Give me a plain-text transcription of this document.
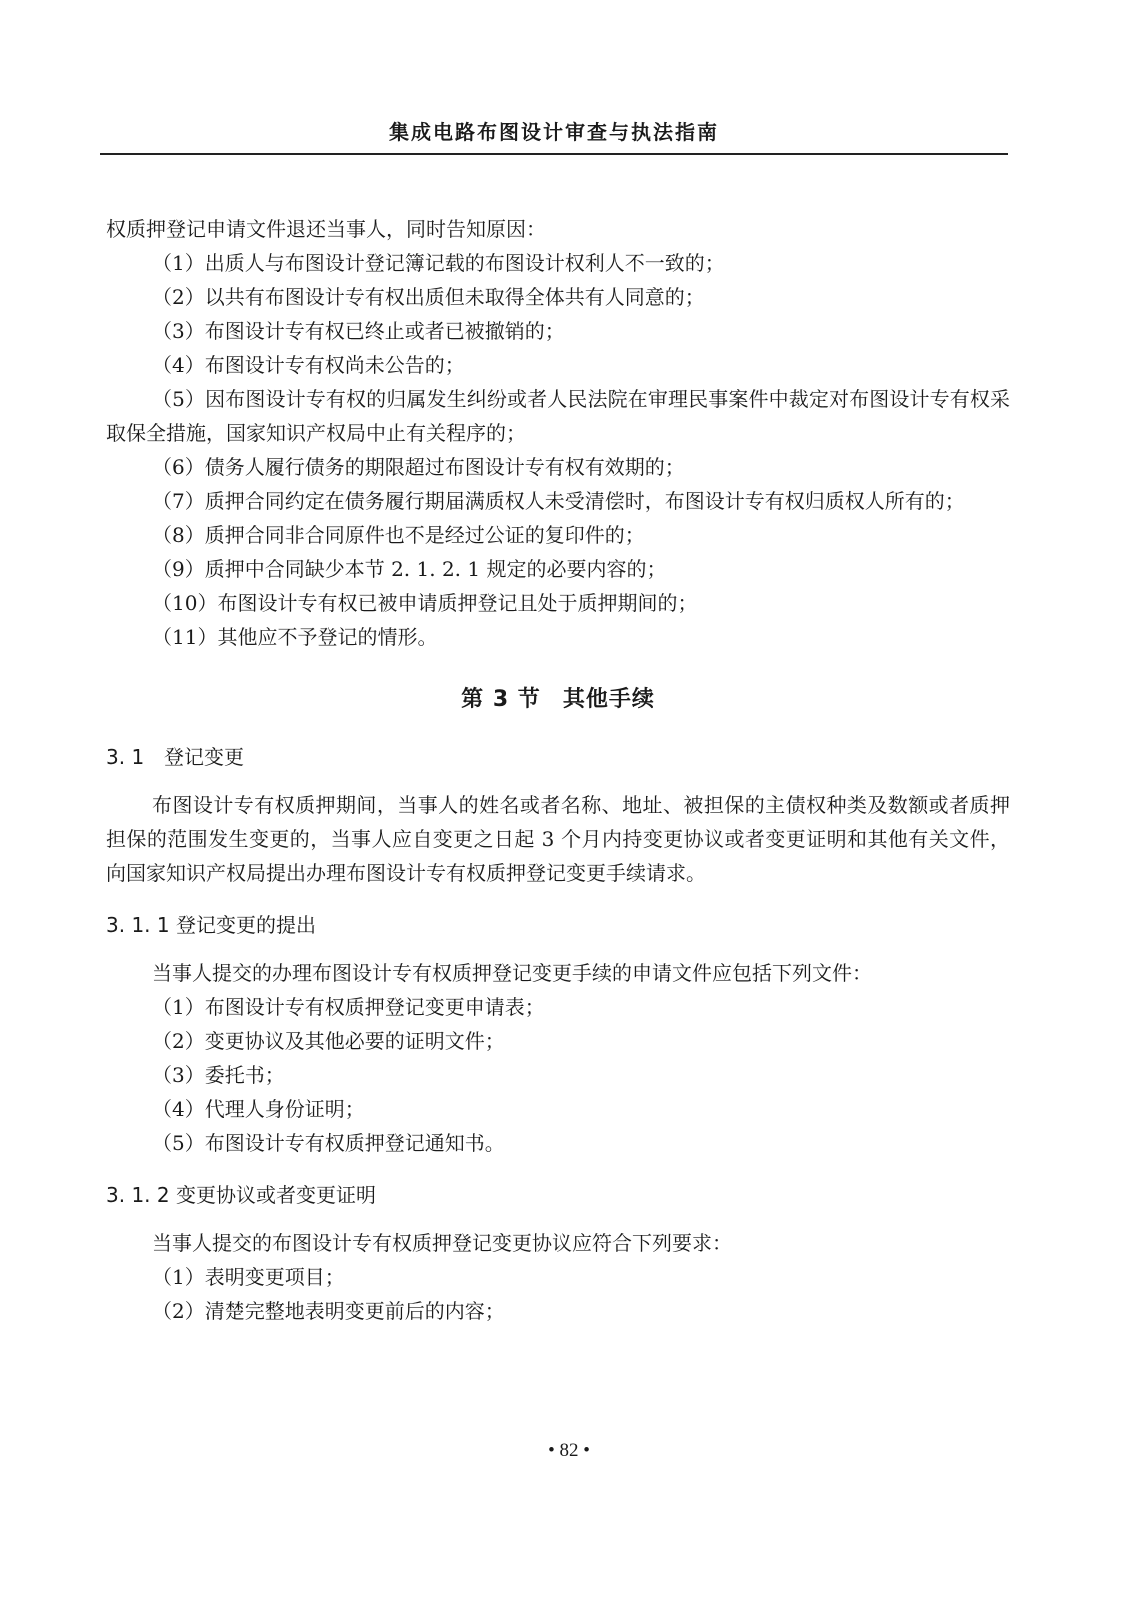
集成电路布图设计审查与执法指南

权质押登记申请文件退还当事人，同时告知原因：

（1）出质人与布图设计登记簿记载的布图设计权利人不一致的；

（2）以共有布图设计专有权出质但未取得全体共有人同意的；

（3）布图设计专有权已终止或者已被撤销的；

（4）布图设计专有权尚未公告的；

（5）因布图设计专有权的归属发生纠纷或者人民法院在审理民事案件中裁定对布图设计专有权采取保全措施，国家知识产权局中止有关程序的；

（6）债务人履行债务的期限超过布图设计专有权有效期的；

（7）质押合同约定在债务履行期届满质权人未受清偿时，布图设计专有权归质权人所有的；

（8）质押合同非合同原件也不是经过公证的复印件的；

（9）质押中合同缺少本节 2. 1. 2. 1 规定的必要内容的；

（10）布图设计专有权已被申请质押登记且处于质押期间的；

（11）其他应不予登记的情形。

第 3 节 其他手续
3. 1 登记变更

布图设计专有权质押期间，当事人的姓名或者名称、地址、被担保的主债权种类及数额或者质押担保的范围发生变更的，当事人应自变更之日起 3 个月内持变更协议或者变更证明和其他有关文件，向国家知识产权局提出办理布图设计专有权质押登记变更手续请求。

3. 1. 1 登记变更的提出

当事人提交的办理布图设计专有权质押登记变更手续的申请文件应包括下列文件：

（1）布图设计专有权质押登记变更申请表；

（2）变更协议及其他必要的证明文件；

（3）委托书；

（4）代理人身份证明；

（5）布图设计专有权质押登记通知书。

3. 1. 2 变更协议或者变更证明

当事人提交的布图设计专有权质押登记变更协议应符合下列要求：

（1）表明变更项目；

（2）清楚完整地表明变更前后的内容；

• 82 •
